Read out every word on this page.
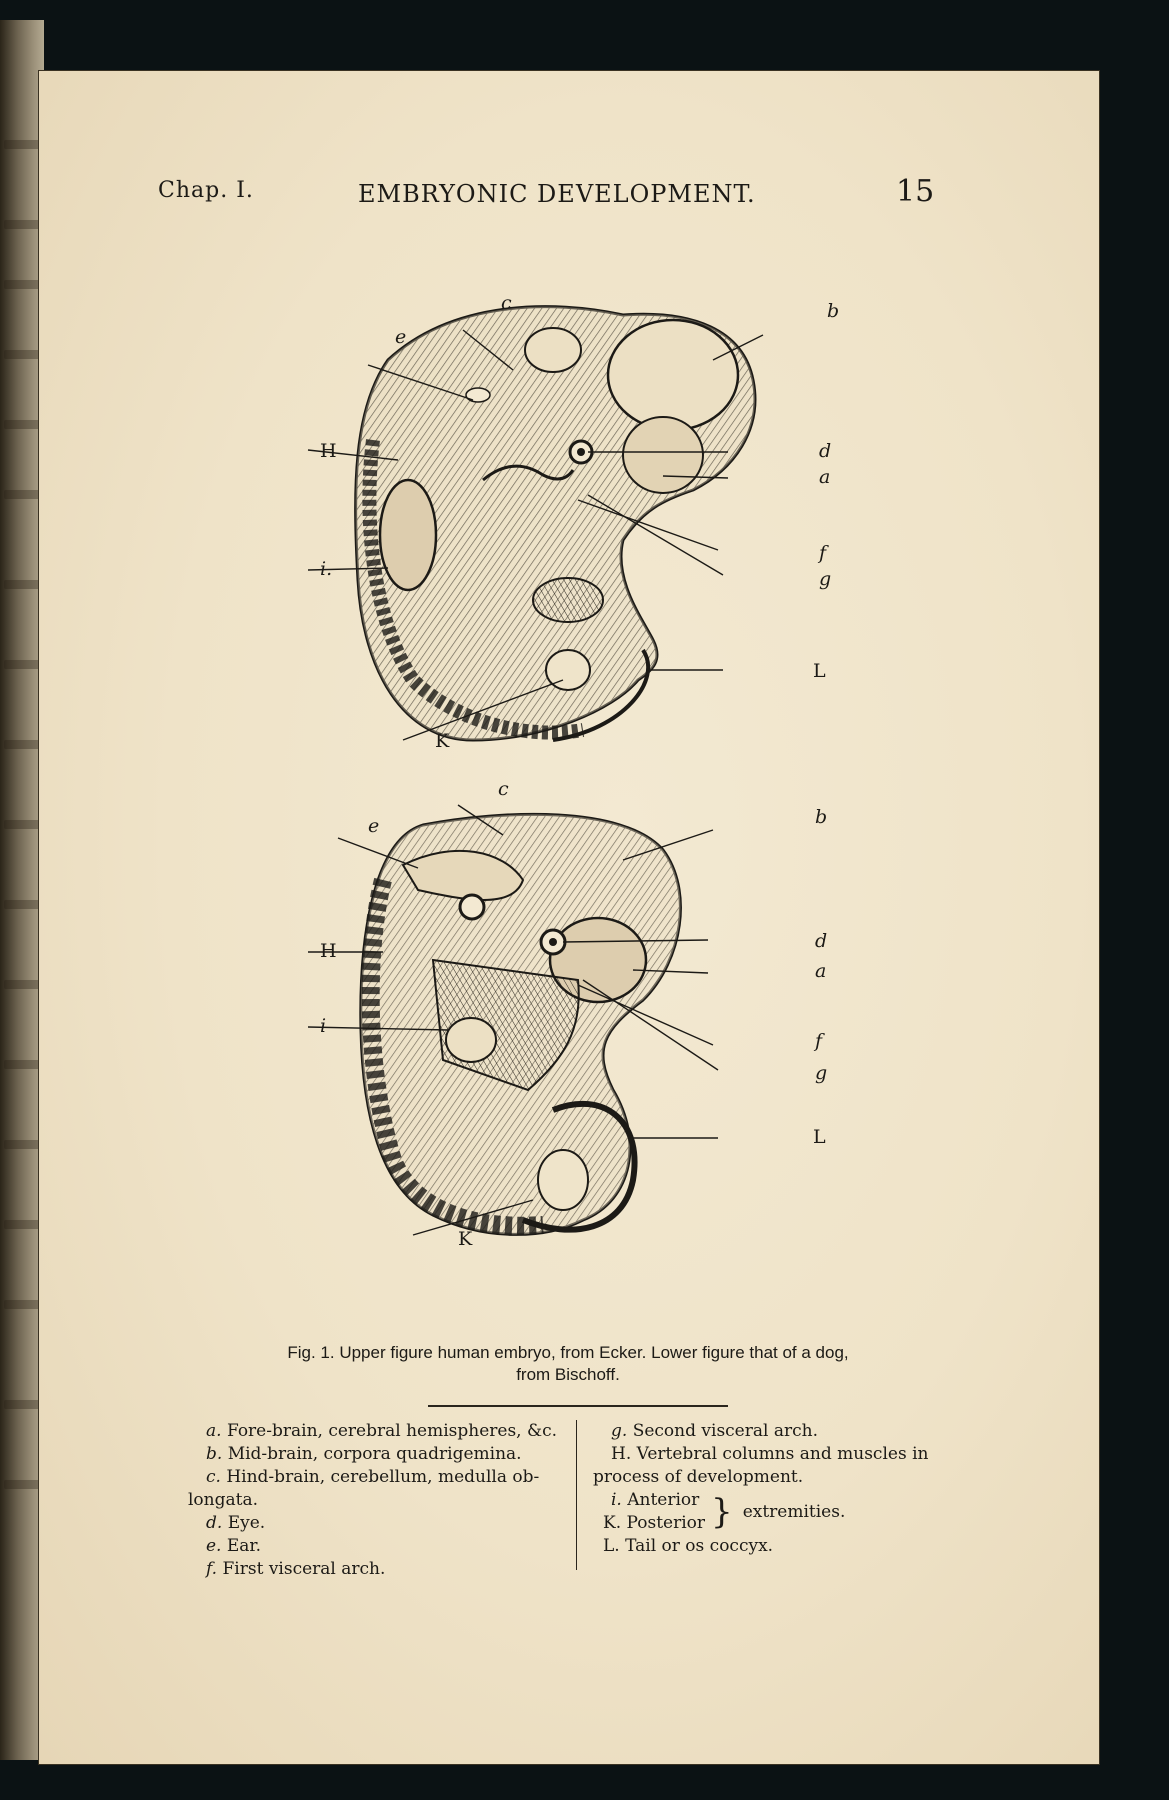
Chap. I.	EMBRYONIC DEVELOPMENT.	15
c
e
b
H	d
a
i.
f
g
L
K
c
e	b
H	d
a
i
f
g
L
K
Fig. 1. Upper figure human embryo, from Ecker. Lower figure that of a dog,
from Bischoff.
a. Fore-brain, cerebral hemispheres, &c.
b. Mid-brain, corpora quadrigemina.
c. Hind-brain, cerebellum, medulla ob-
longata.
d. Eye.
e. Ear.
f. First visceral arch.
g. Second visceral arch.
H. Vertebral columns and muscles in
process of development.
i. Anterior
K. Posterior } extremities.
L. Tail or os coccyx.
